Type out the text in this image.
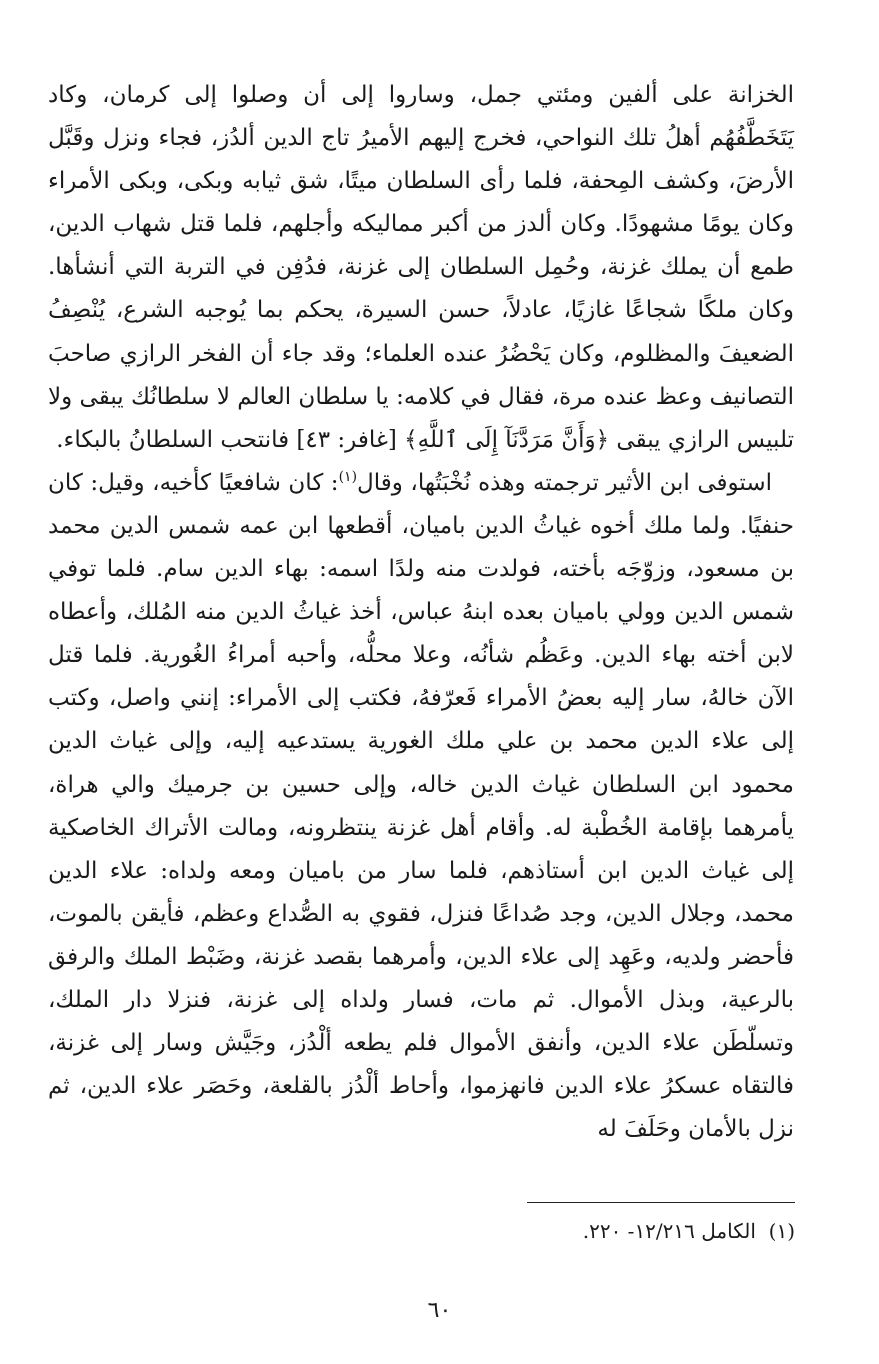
الخزانة على ألفين ومئتي جمل، وساروا إلى أن وصلوا إلى كرمان، وكاد يَتَخَطَّفُهُم أهلُ تلك النواحي، فخرج إليهم الأميرُ تاج الدين ألدُز، فجاء ونزل وقَبَّل الأرضَ، وكشف المِحفة، فلما رأى السلطان ميتًا، شق ثيابه وبكى، وبكى الأمراء وكان يومًا مشهودًا. وكان ألدز من أكبر مماليكه وأجلهم، فلما قتل شهاب الدين، طمع أن يملك غزنة، وحُمِل السلطان إلى غزنة، فدُفِن في التربة التي أنشأها. وكان ملكًا شجاعًا غازيًا، عادلاً، حسن السيرة، يحكم بما يُوجبه الشرع، يُنْصِفُ الضعيفَ والمظلوم، وكان يَحْضُرُ عنده العلماء؛ وقد جاء أن الفخر الرازي صاحبَ التصانيف وعظ عنده مرة، فقال في كلامه: يا سلطان العالم لا سلطانُك يبقى ولا تلبيس الرازي يبقى ﴿وَأَنَّ مَرَدَّنَآ إِلَى ٱللَّهِ﴾ [غافر: ٤٣] فانتحب السلطانُ بالبكاء.

استوفى ابن الأثير ترجمته وهذه نُخْبَتُها، وقال$^{(١)}$: كان شافعيًا كأخيه، وقيل: كان حنفيًا. ولما ملك أخوه غياثُ الدين باميان، أقطعها ابن عمه شمس الدين محمد بن مسعود، وزوّجَه بأخته، فولدت منه ولدًا اسمه: بهاء الدين سام. فلما توفي شمس الدين وولي باميان بعده ابنهُ عباس، أخذ غياثُ الدين منه المُلك، وأعطاه لابن أخته بهاء الدين. وعَظُم شأنُه، وعلا محلُّه، وأحبه أمراءُ الغُورية. فلما قتل الآن خالهُ، سار إليه بعضُ الأمراء فَعرّفهُ، فكتب إلى الأمراء: إنني واصل، وكتب إلى علاء الدين محمد بن علي ملك الغورية يستدعيه إليه، وإلى غياث الدين محمود ابن السلطان غياث الدين خاله، وإلى حسين بن جرميك والي هراة، يأمرهما بإقامة الخُطْبة له. وأقام أهل غزنة ينتظرونه، ومالت الأتراك الخاصكية إلى غياث الدين ابن أستاذهم، فلما سار من باميان ومعه ولداه: علاء الدين محمد، وجلال الدين، وجد صُداعًا فنزل، فقوي به الصُّداع وعظم، فأيقن بالموت، فأحضر ولديه، وعَهِد إلى علاء الدين، وأمرهما بقصد غزنة، وضَبْط الملك والرفق بالرعية، وبذل الأموال. ثم مات، فسار ولداه إلى غزنة، فنزلا دار الملك، وتسلّطَن علاء الدين، وأنفق الأموال فلم يطعه ألْدُز، وجَيَّش وسار إلى غزنة، فالتقاه عسكرُ علاء الدين فانهزموا، وأحاط ألْدُز بالقلعة، وحَصَر علاء الدين، ثم نزل بالأمان وحَلَفَ له

(١)  الكامل ١٢/٢١٦- ٢٢٠.

٦٠
